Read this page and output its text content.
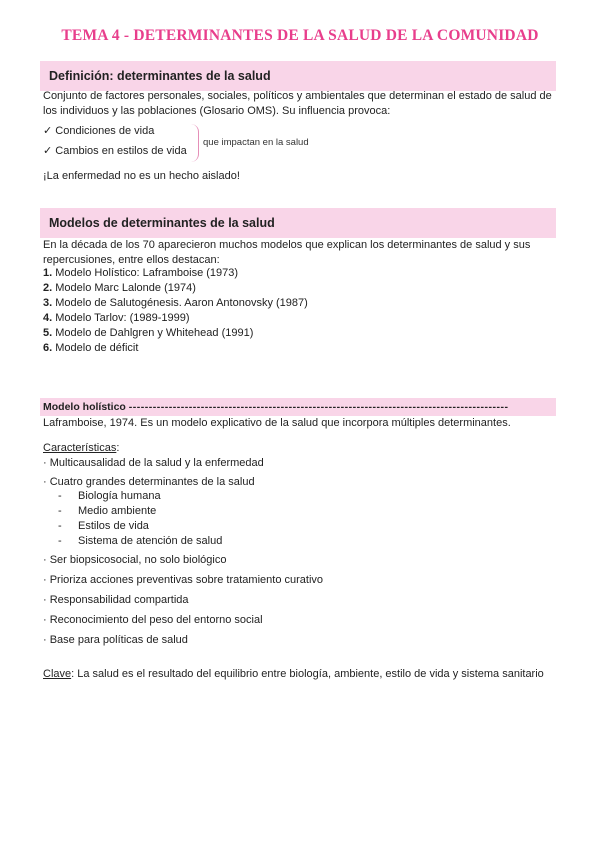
TEMA 4 - DETERMINANTES DE LA SALUD DE LA COMUNIDAD
Definición: determinantes de la salud
Conjunto de factores personales, sociales, políticos y ambientales que determinan el estado de salud de los individuos y las poblaciones (Glosario OMS). Su influencia provoca:
✓ Condiciones de vida
✓ Cambios en estilos de vida
que impactan en la salud
¡La enfermedad no es un hecho aislado!
Modelos de determinantes de la salud
En la década de los 70 aparecieron muchos modelos que explican los determinantes de salud y sus repercusiones, entre ellos destacan:
1. Modelo Holístico: Laframboise (1973)
2. Modelo Marc Lalonde (1974)
3. Modelo de Salutogénesis. Aaron Antonovsky (1987)
4. Modelo Tarlov: (1989-1999)
5. Modelo de Dahlgren y Whitehead (1991)
6. Modelo de déficit
Modelo holístico -----------------------------------------------------------------------------------------------
Laframboise, 1974. Es un modelo explicativo de la salud que incorpora múltiples determinantes.
Características:
· Multicausalidad de la salud y la enfermedad
· Cuatro grandes determinantes de la salud
- Biología humana
- Medio ambiente
- Estilos de vida
- Sistema de atención de salud
· Ser biopsicosocial, no solo biológico
· Prioriza acciones preventivas sobre tratamiento curativo
· Responsabilidad compartida
· Reconocimiento del peso del entorno social
· Base para políticas de salud
Clave: La salud es el resultado del equilibrio entre biología, ambiente, estilo de vida y sistema sanitario
